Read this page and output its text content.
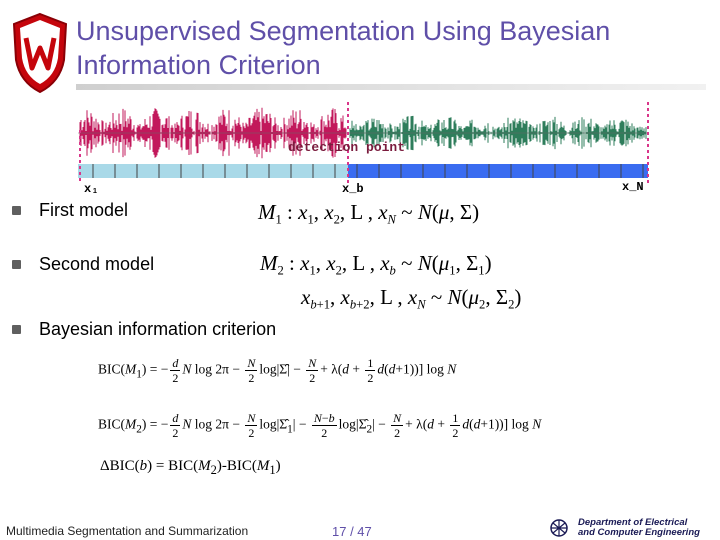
Unsupervised Segmentation Using Bayesian
Information Criterion
detection point
x₁	x_b	x_N
First model	$M_1$ : $x_1$, $x_2$, L , $x_N$ ~ N(μ, Σ)
Second model	$M_2$ : $x_1$, $x_2$, L , $x_b$ ~ $N(\mu_1$, $\Sigma_1$)
$x_{b+1}$, $x_{b+2}$, L , $x_N$ ~ $N(\mu_2$, $\Sigma_2$)
Bayesian information criterion
$BIC(M_1)$ = − $\frac{d}{2}$ N $\log 2\pi - \frac{N}{2}$ log|Σ̂| − $\frac{N}{2} + \lambda(d + \frac{1}{2} d(d+1))$] log N
$BIC(M_2)$ = − $\frac{d}{2}$ N $\log 2\pi - \frac{N}{2}$ $\log|\Sigmâ_1| - \frac{N-b}{2}$ $\log|\Sigmâ_2| - \frac{N}{2} + \lambda(d + \frac{1}{2} d(d+1))$] log N
$\Delta BIC(b) = BIC(M_2)-BIC(M_1)$
Multimedia Segmentation and Summarization	17 / 47
Department of Electrical
and Computer Engineering
